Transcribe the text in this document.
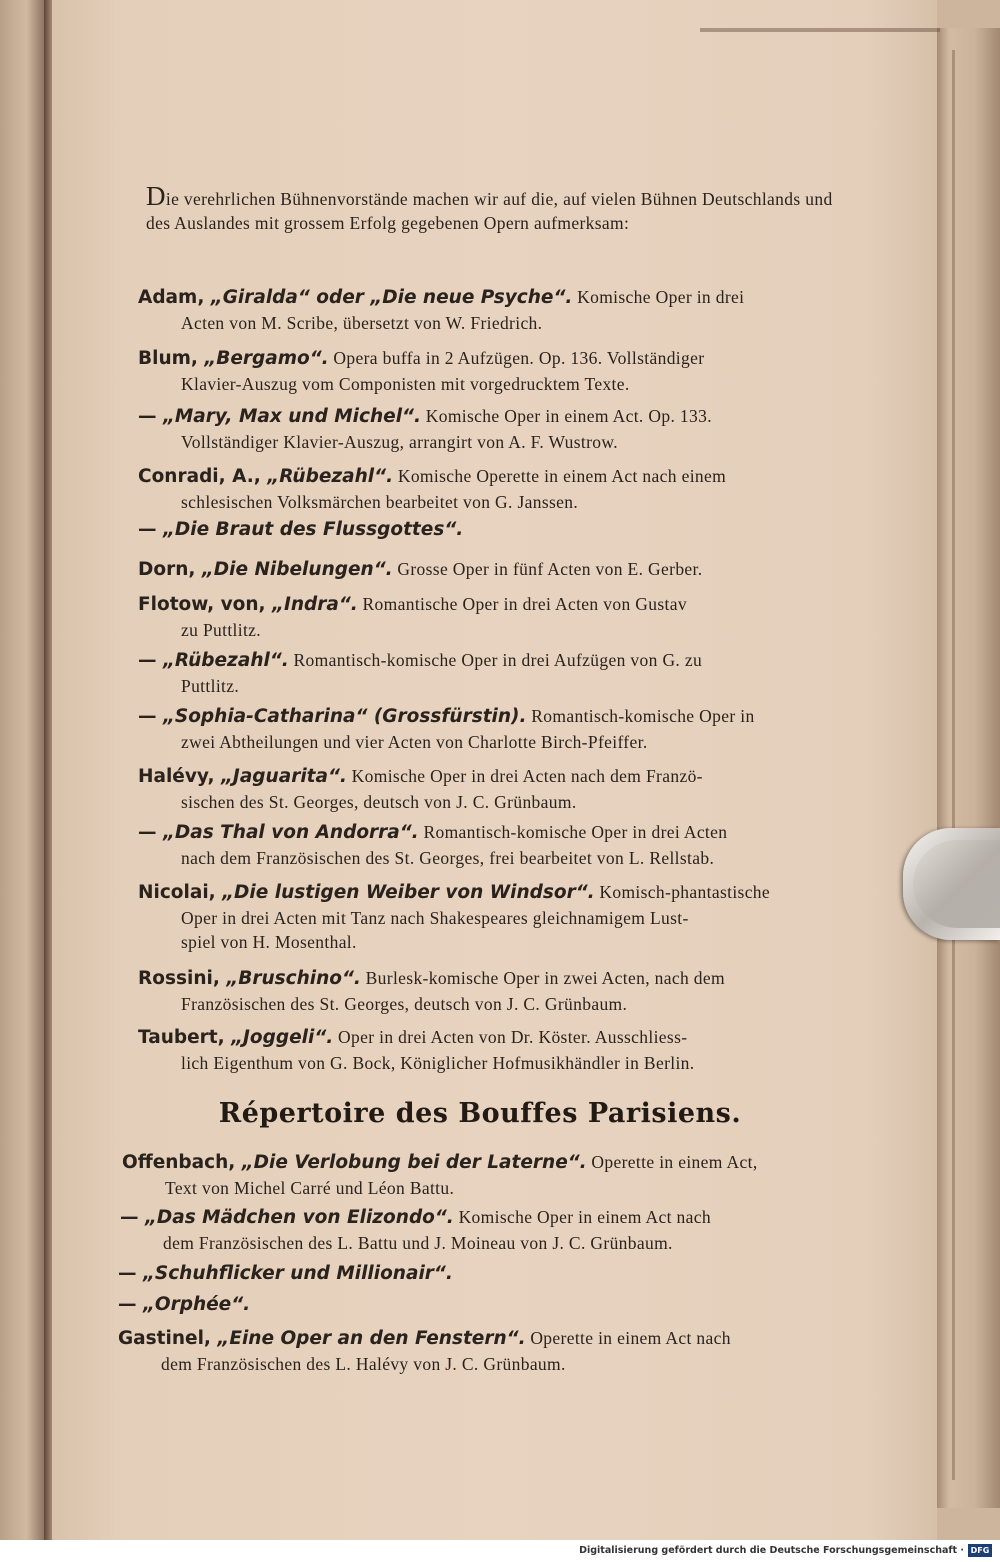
Die verehrlichen Bühnenvorstände machen wir auf die, auf vielen Bühnen Deutschlands und des Auslandes mit grossem Erfolg gegebenen Opern aufmerksam:

Adam, „Giralda“ oder „Die neue Psyche“. Komische Oper in drei

Acten von M. Scribe, übersetzt von W. Friedrich.

Blum, „Bergamo“. Opera buffa in 2 Aufzügen. Op. 136. Vollständiger

Klavier-Auszug vom Componisten mit vorgedrucktem Texte.

— „Mary, Max und Michel“. Komische Oper in einem Act. Op. 133.

Vollständiger Klavier-Auszug, arrangirt von A. F. Wustrow.

Conradi, A., „Rübezahl“. Komische Operette in einem Act nach einem

schlesischen Volksmärchen bearbeitet von G. Janssen.

— „Die Braut des Flussgottes“.

Dorn, „Die Nibelungen“. Grosse Oper in fünf Acten von E. Gerber.

Flotow, von, „Indra“. Romantische Oper in drei Acten von Gustav

zu Puttlitz.

— „Rübezahl“. Romantisch-komische Oper in drei Aufzügen von G. zu

Puttlitz.

— „Sophia-Catharina“ (Grossfürstin). Romantisch-komische Oper in

zwei Abtheilungen und vier Acten von Charlotte Birch-Pfeiffer.

Halévy, „Jaguarita“. Komische Oper in drei Acten nach dem Franzö-

sischen des St. Georges, deutsch von J. C. Grünbaum.

— „Das Thal von Andorra“. Romantisch-komische Oper in drei Acten

nach dem Französischen des St. Georges, frei bearbeitet von L. Rellstab.

Nicolai, „Die lustigen Weiber von Windsor“. Komisch-phantastische

Oper in drei Acten mit Tanz nach Shakespeares gleichnamigem Lust-

spiel von H. Mosenthal.

Rossini, „Bruschino“. Burlesk-komische Oper in zwei Acten, nach dem

Französischen des St. Georges, deutsch von J. C. Grünbaum.

Taubert, „Joggeli“. Oper in drei Acten von Dr. Köster. Ausschliess-

lich Eigenthum von G. Bock, Königlicher Hofmusikhändler in Berlin.

Répertoire des Bouffes Parisiens.

Offenbach, „Die Verlobung bei der Laterne“. Operette in einem Act,

Text von Michel Carré und Léon Battu.

— „Das Mädchen von Elizondo“. Komische Oper in einem Act nach

dem Französischen des L. Battu und J. Moineau von J. C. Grünbaum.

— „Schuhflicker und Millionair“.

— „Orphée“.

Gastinel, „Eine Oper an den Fenstern“. Operette in einem Act nach

dem Französischen des L. Halévy von J. C. Grünbaum.

Digitalisierung gefördert durch die Deutsche Forschungsgemeinschaft · DFG
